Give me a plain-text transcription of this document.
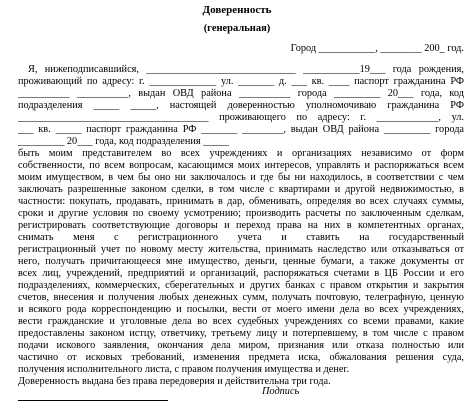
Доверенность
(генеральная)
Город ___________, ________ 200_ год.
Я, нижеподписавшийся, _____________________________ ___________19___ года рождения,
проживающий по адресу: г. _____________ ул. _______ д. ___ кв. ____ паспорт гражданина РФ
__________ __________, выдан ОВД района __________ города _________ 20___ года, код
подразделения _____ _____, настоящей доверенностью уполномочиваю гражданина РФ
_____________________________________ проживающего по адресу: г. ____________, ул.
___ кв. _____ паспорт гражданина РФ _______ ________, выдан ОВД района _________ города
_________ 20___ года, код подразделения _____
быть моим представителем во всех учреждениях и организациях независимо от форм
собственности, по всем вопросам, касающимся моих интересов, управлять и распоряжаться всем
моим имуществом, в чем бы оно ни заключалось и где бы ни находилось, в соответствии с чем
заключать разрешенные законом сделки, в том числе с квартирами и другой недвижимостью, в
частности: покупать, продавать, принимать в дар, обменивать, определяя во всех случаях суммы,
сроки и другие условия по своему усмотрению; производить расчеты по заключенным сделкам,
регистрировать соответствующие договоры и переход права на них в компетентных органах,
снимать меня с регистрационного учета и ставить на государственный
регистрационный учет по новому месту жительства, принимать наследство или отказываться от
него, получать причитающееся мне имущество, деньги, ценные бумаги, а также документы от
всех лиц, учреждений, предприятий и организаций, распоряжаться счетами в ЦБ России и его
подразделениях, коммерческих, сберегательных и других банках с правом открытия и закрытия
счетов, внесения и получения любых денежных сумм, получать почтовую, телеграфную, ценную
и всякого рода корреспонденцию и посылки, вести от моего имени дела во всех учреждениях,
вести гражданские и уголовные дела во всех судебных учреждениях со всеми правами, какие
предоставлены законом истцу, ответчику, третьему лицу и потерпевшему, в том числе с правом
подачи искового заявления, окончания дела миром, признания или отказа полностью или
частично от исковых требований, изменения предмета иска, обжалования решения суда,
получения исполнительного листа, с правом получения имущества и денег.
Доверенность выдана без права передоверия и действительна три года.
Подпись
